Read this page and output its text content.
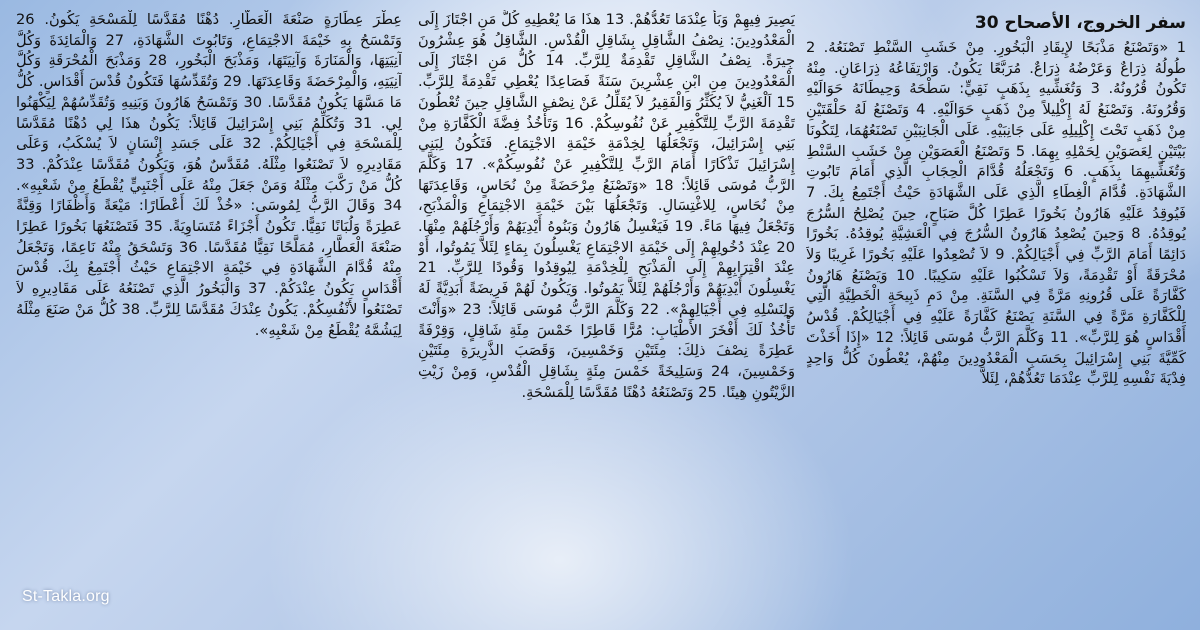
سفر الخروج، الأصحاح 30
1 «وَتَصْنَعُ مَذْبَحًا لإِيقَادِ الْبَخُورِ. مِنْ خَشَبِ السَّنْطِ تَصْنَعُهُ. 2 طُولُهُ ذِرَاعٌ وَعَرْضُهُ ذِرَاعٌ. مُرَبَّعًا يَكُونُ. وَارْتِفَاعُهُ ذِرَاعَانِ. مِنْهُ تَكُونُ قُرُونُهُ. 3 وَتُغَشِّيهِ بِذَهَبٍ نَقِيٍّ: سَطْحَهُ وَحِيطَانَهُ حَوَالَيْهِ وَقُرُونَهُ. وَتَصْنَعُ لَهُ إِكْلِيلاً مِنْ ذَهَبٍ حَوَالَيْهِ. 4 وَتَصْنَعُ لَهُ حَلْقَتَيْنِ مِنْ ذَهَبٍ تَحْتَ إِكْلِيلِهِ عَلَى جَانِبَيْهِ. عَلَى الْجَانِبَيْنِ تَصْنَعُهُمَا، لِتَكُونَا بَيْتَيْنِ لِعَصَوَيْنِ لِحَمْلِهِ بِهِمَا. 5 وَتَصْنَعُ الْعَصَوَيْنِ مِنْ خَشَبِ السَّنْطِ وَتُغَشِّيهِمَا بِذَهَبٍ. 6 وَتَجْعَلُهُ قُدَّامَ الْحِجَابِ الَّذِي أَمَامَ تَابُوتِ الشَّهَادَةِ. قُدَّامَ الْغِطَاءِ الَّذِي عَلَى الشَّهَادَةِ حَيْثُ أَجْتَمِعُ بِكَ. 7 فَيُوقِدُ عَلَيْهِ هَارُونُ بَخُورًا عَطِرًا كُلَّ صَبَاحٍ، حِينَ يُصْلِحُ السُّرُجَ يُوقِدُهُ. 8 وَحِينَ يُصْعِدُ هَارُونُ السُّرُجَ فِي الْعَشِيَّةِ يُوقِدُهُ. بَخُورًا دَائِمًا أَمَامَ الرَّبِّ فِي أَجْيَالِكُمْ. 9 لاَ تُصْعِدُوا عَلَيْهِ بَخُورًا غَرِيبًا وَلاَ مُحْرَقَةً أَوْ تَقْدِمَةً، وَلاَ تَسْكُبُوا عَلَيْهِ سَكِيبًا. 10 وَيَصْنَعُ هَارُونُ كَفَّارَةً عَلَى قُرُونِهِ مَرَّةً فِي السَّنَةِ. مِنْ دَمِ ذَبِيحَةِ الْخَطِيَّةِ الَّتِي لِلْكَفَّارَةِ مَرَّةً فِي السَّنَةِ يَصْنَعُ كَفَّارَةً عَلَيْهِ فِي أَجْيَالِكُمْ. قُدْسُ أَقْدَاسٍ هُوَ لِلرَّبِّ». 11 وَكَلَّمَ الرَّبُّ مُوسَى قَائِلاً: 12 «إِذَا أَخَذْتَ كَمِّيَّةَ بَنِي إِسْرَائِيلَ بِحَسَبِ الْمَعْدُودِينَ مِنْهُمْ، يُعْطُونَ كُلُّ وَاحِدٍ فِدْيَةَ نَفْسِهِ لِلرَّبِّ عِنْدَمَا تَعُدُّهُمْ، لِئَلاَّ
يَصِيرَ فِيهِمْ وَبَأٌ عِنْدَمَا تَعُدُّهُمْ. 13 هذَا مَا يُعْطِيهِ كُلُّ مَنِ اجْتَازَ إِلَى الْمَعْدُودِينَ: نِصْفُ الشَّاقِلِ بِشَاقِلِ الْقُدْسِ. الشَّاقِلُ هُوَ عِشْرُونَ جِيرَةً. نِصْفُ الشَّاقِلِ تَقْدِمَةٌ لِلرَّبِّ. 14 كُلُّ مَنِ اجْتَازَ إِلَى الْمَعْدُودِينَ مِنِ ابْنِ عِشْرِينَ سَنَةً فَصَاعِدًا يُعْطِي تَقْدِمَةً لِلرَّبِّ. 15 اَلْغَنِيُّ لاَ يُكَثِّرُ وَالْفَقِيرُ لاَ يُقَلِّلُ عَنْ نِصْفِ الشَّاقِلِ حِينَ تُعْطُونَ تَقْدِمَةَ الرَّبِّ لِلتَّكْفِيرِ عَنْ نُفُوسِكُمْ. 16 وَتَأْخُذُ فِضَّةَ الْكَفَّارَةِ مِنْ بَنِي إِسْرَائِيلَ، وَتَجْعَلُهَا لِخِدْمَةِ خَيْمَةِ الاجْتِمَاعِ. فَتَكُونُ لِبَنِي إِسْرَائِيلَ تَذْكَارًا أَمَامَ الرَّبِّ لِلتَّكْفِيرِ عَنْ نُفُوسِكُمْ». 17 وَكَلَّمَ الرَّبُّ مُوسَى قَائِلاً: 18 «وَتَصْنَعُ مِرْحَضَةً مِنْ نُحَاسٍ، وَقَاعِدَتَهَا مِنْ نُحَاسٍ، لِلاغْتِسَالِ. وَتَجْعَلُهَا بَيْنَ خَيْمَةِ الاجْتِمَاعِ وَالْمَذْبَحِ، وَتَجْعَلُ فِيهَا مَاءً. 19 فَيَغْسِلُ هَارُونُ وَبَنُوهُ أَيْدِيَهُمْ وَأَرْجُلَهُمْ مِنْهَا. 20 عِنْدَ دُخُولِهِمْ إِلَى خَيْمَةِ الاجْتِمَاعِ يَغْسِلُونَ بِمَاءٍ لِئَلاَّ يَمُوتُوا، أَوْ عِنْدَ اقْتِرَابِهِمْ إِلَى الْمَذْبَحِ لِلْخِدْمَةِ لِيُوقِدُوا وَقُودًا لِلرَّبِّ. 21 يَغْسِلُونَ أَيْدِيَهُمْ وَأَرْجُلَهُمْ لِئَلاَّ يَمُوتُوا. وَيَكُونُ لَهُمْ فَرِيضَةً أَبَدِيَّةً لَهُ وَلِنَسْلِهِ فِي أَجْيَالِهِمْ». 22 وَكَلَّمَ الرَّبُّ مُوسَى قَائِلاً: 23 «وَأَنْتَ تَأْخُذُ لَكَ أَفْخَرَ الأَطْيَابِ: مُرًّا قَاطِرًا خَمْسَ مِئَةِ شَاقِلٍ، وَقِرْفَةً عَطِرَةً نِصْفَ ذلِكَ: مِئَتَيْنِ وَخَمْسِينَ، وَقَصَبَ الذَّرِيرَةِ مِئَتَيْنِ وَخَمْسِينَ، 24 وَسَلِيخَةً خَمْسَ مِئَةٍ بِشَاقِلِ الْقُدْسِ، وَمِنْ زَيْتِ الزَّيْتُونِ هِينًا. 25 وَتَصْنَعُهُ دُهْنًا مُقَدَّسًا لِلْمَسْحَةِ.
عِطْرَ عِطَارَةٍ صَنْعَةَ الْعَطَّارِ. دُهْنًا مُقَدَّسًا لِلْمَسْحَةِ يَكُونُ. 26 وَتَمْسَحُ بِهِ خَيْمَةَ الاجْتِمَاعِ، وَتَابُوتَ الشَّهَادَةِ، 27 وَالْمَائِدَةَ وَكُلَّ آنِيَتِهَا، وَالْمَنَارَةَ وَآنِيَتَهَا، وَمَذْبَحَ الْبَخُورِ، 28 وَمَذْبَحَ الْمُحْرَقَةِ وَكُلَّ آنِيَتِهِ، وَالْمِرْحَضَةَ وَقَاعِدَتَهَا. 29 وَتُقَدِّسُهَا فَتَكُونُ قُدْسَ أَقْدَاسٍ. كُلُّ مَا مَسَّهَا يَكُونُ مُقَدَّسًا. 30 وَتَمْسَحُ هَارُونَ وَبَنِيهِ وَتُقَدِّسُهُمْ لِيَكْهَنُوا لِي. 31 وَتُكَلِّمُ بَنِي إِسْرَائِيلَ قَائِلاً: يَكُونُ هذَا لِي دُهْنًا مُقَدَّسًا لِلْمَسْحَةِ فِي أَجْيَالِكُمْ. 32 عَلَى جَسَدِ إِنْسَانٍ لاَ يُسْكَبُ، وَعَلَى مَقَادِيرِهِ لاَ تَصْنَعُوا مِثْلَهُ. مُقَدَّسٌ هُوَ، وَيَكُونُ مُقَدَّسًا عِنْدَكُمْ. 33 كُلُّ مَنْ رَكَّبَ مِثْلَهُ وَمَنْ جَعَلَ مِنْهُ عَلَى أَجْنَبِيٍّ يُقْطَعُ مِنْ شَعْبِهِ». 34 وَقَالَ الرَّبُّ لِمُوسَى: «خُذْ لَكَ أَعْطَارًا: مَيْعَةً وَأَظْفَارًا وَقِنَّةً عَطِرَةً وَلُبَانًا نَقِيًّا. تَكُونُ أَجْزَاءً مُتَسَاوِيَةً. 35 فَتَصْنَعُهَا بَخُورًا عَطِرًا صَنْعَةَ الْعَطَّارِ، مُمَلَّحًا نَقِيًّا مُقَدَّسًا. 36 وَتَسْحَقُ مِنْهُ نَاعِمًا، وَتَجْعَلُ مِنْهُ قُدَّامَ الشَّهَادَةِ فِي خَيْمَةِ الاجْتِمَاعِ حَيْثُ أَجْتَمِعُ بِكَ. قُدْسَ أَقْدَاسٍ يَكُونُ عِنْدَكُمْ. 37 وَالْبَخُورُ الَّذِي تَصْنَعُهُ عَلَى مَقَادِيرِهِ لاَ تَصْنَعُوا لأَنْفُسِكُمْ. يَكُونُ عِنْدَكَ مُقَدَّسًا لِلرَّبِّ. 38 كُلُّ مَنْ صَنَعَ مِثْلَهُ لِيَشُمَّهُ يُقْطَعُ مِنْ شَعْبِهِ».
St-Takla.org
